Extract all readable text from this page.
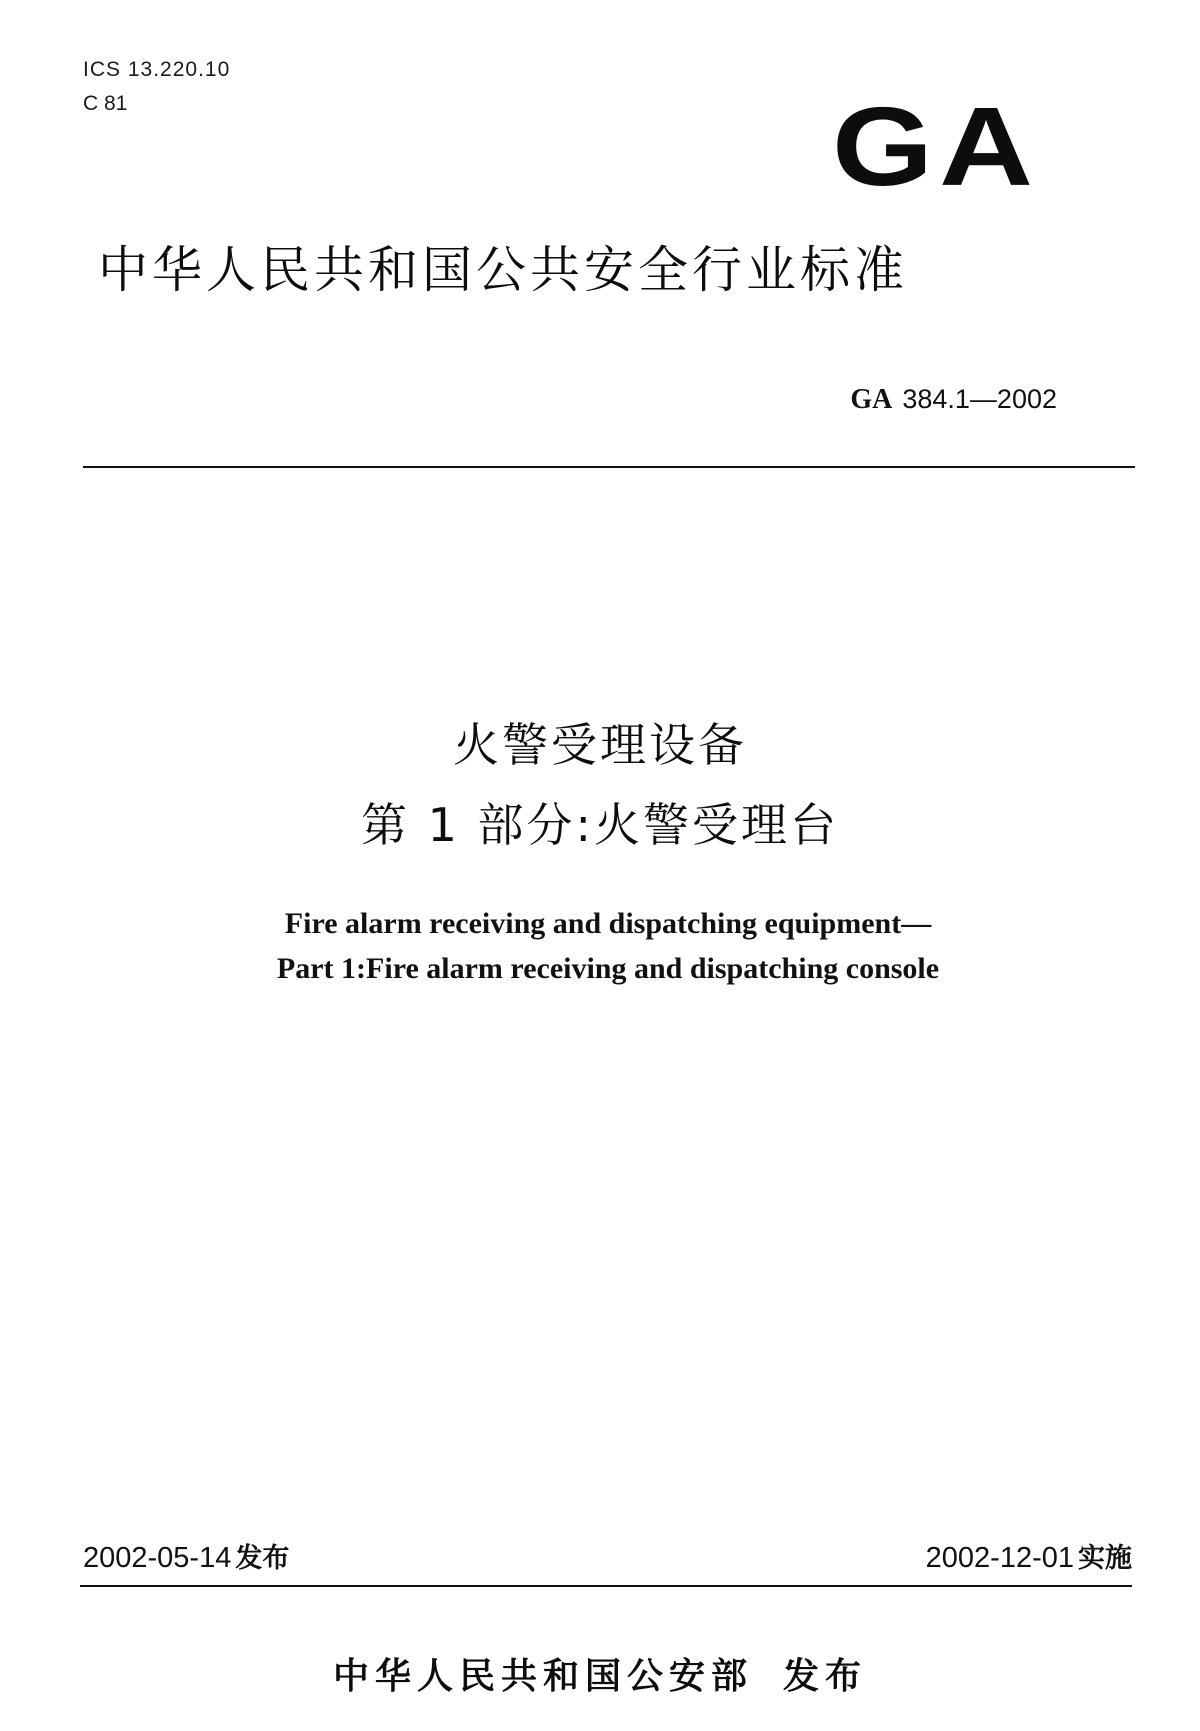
ICS 13.220.10
C 81	GA
中华人民共和国公共安全行业标准
GA 384.1—2002
火警受理设备
第 1 部分:火警受理台
Fire alarm receiving and dispatching equipment—
Part 1:Fire alarm receiving and dispatching console
2002-05-14 发布	2002-12-01 实施
中华人民共和国公安部 发布
